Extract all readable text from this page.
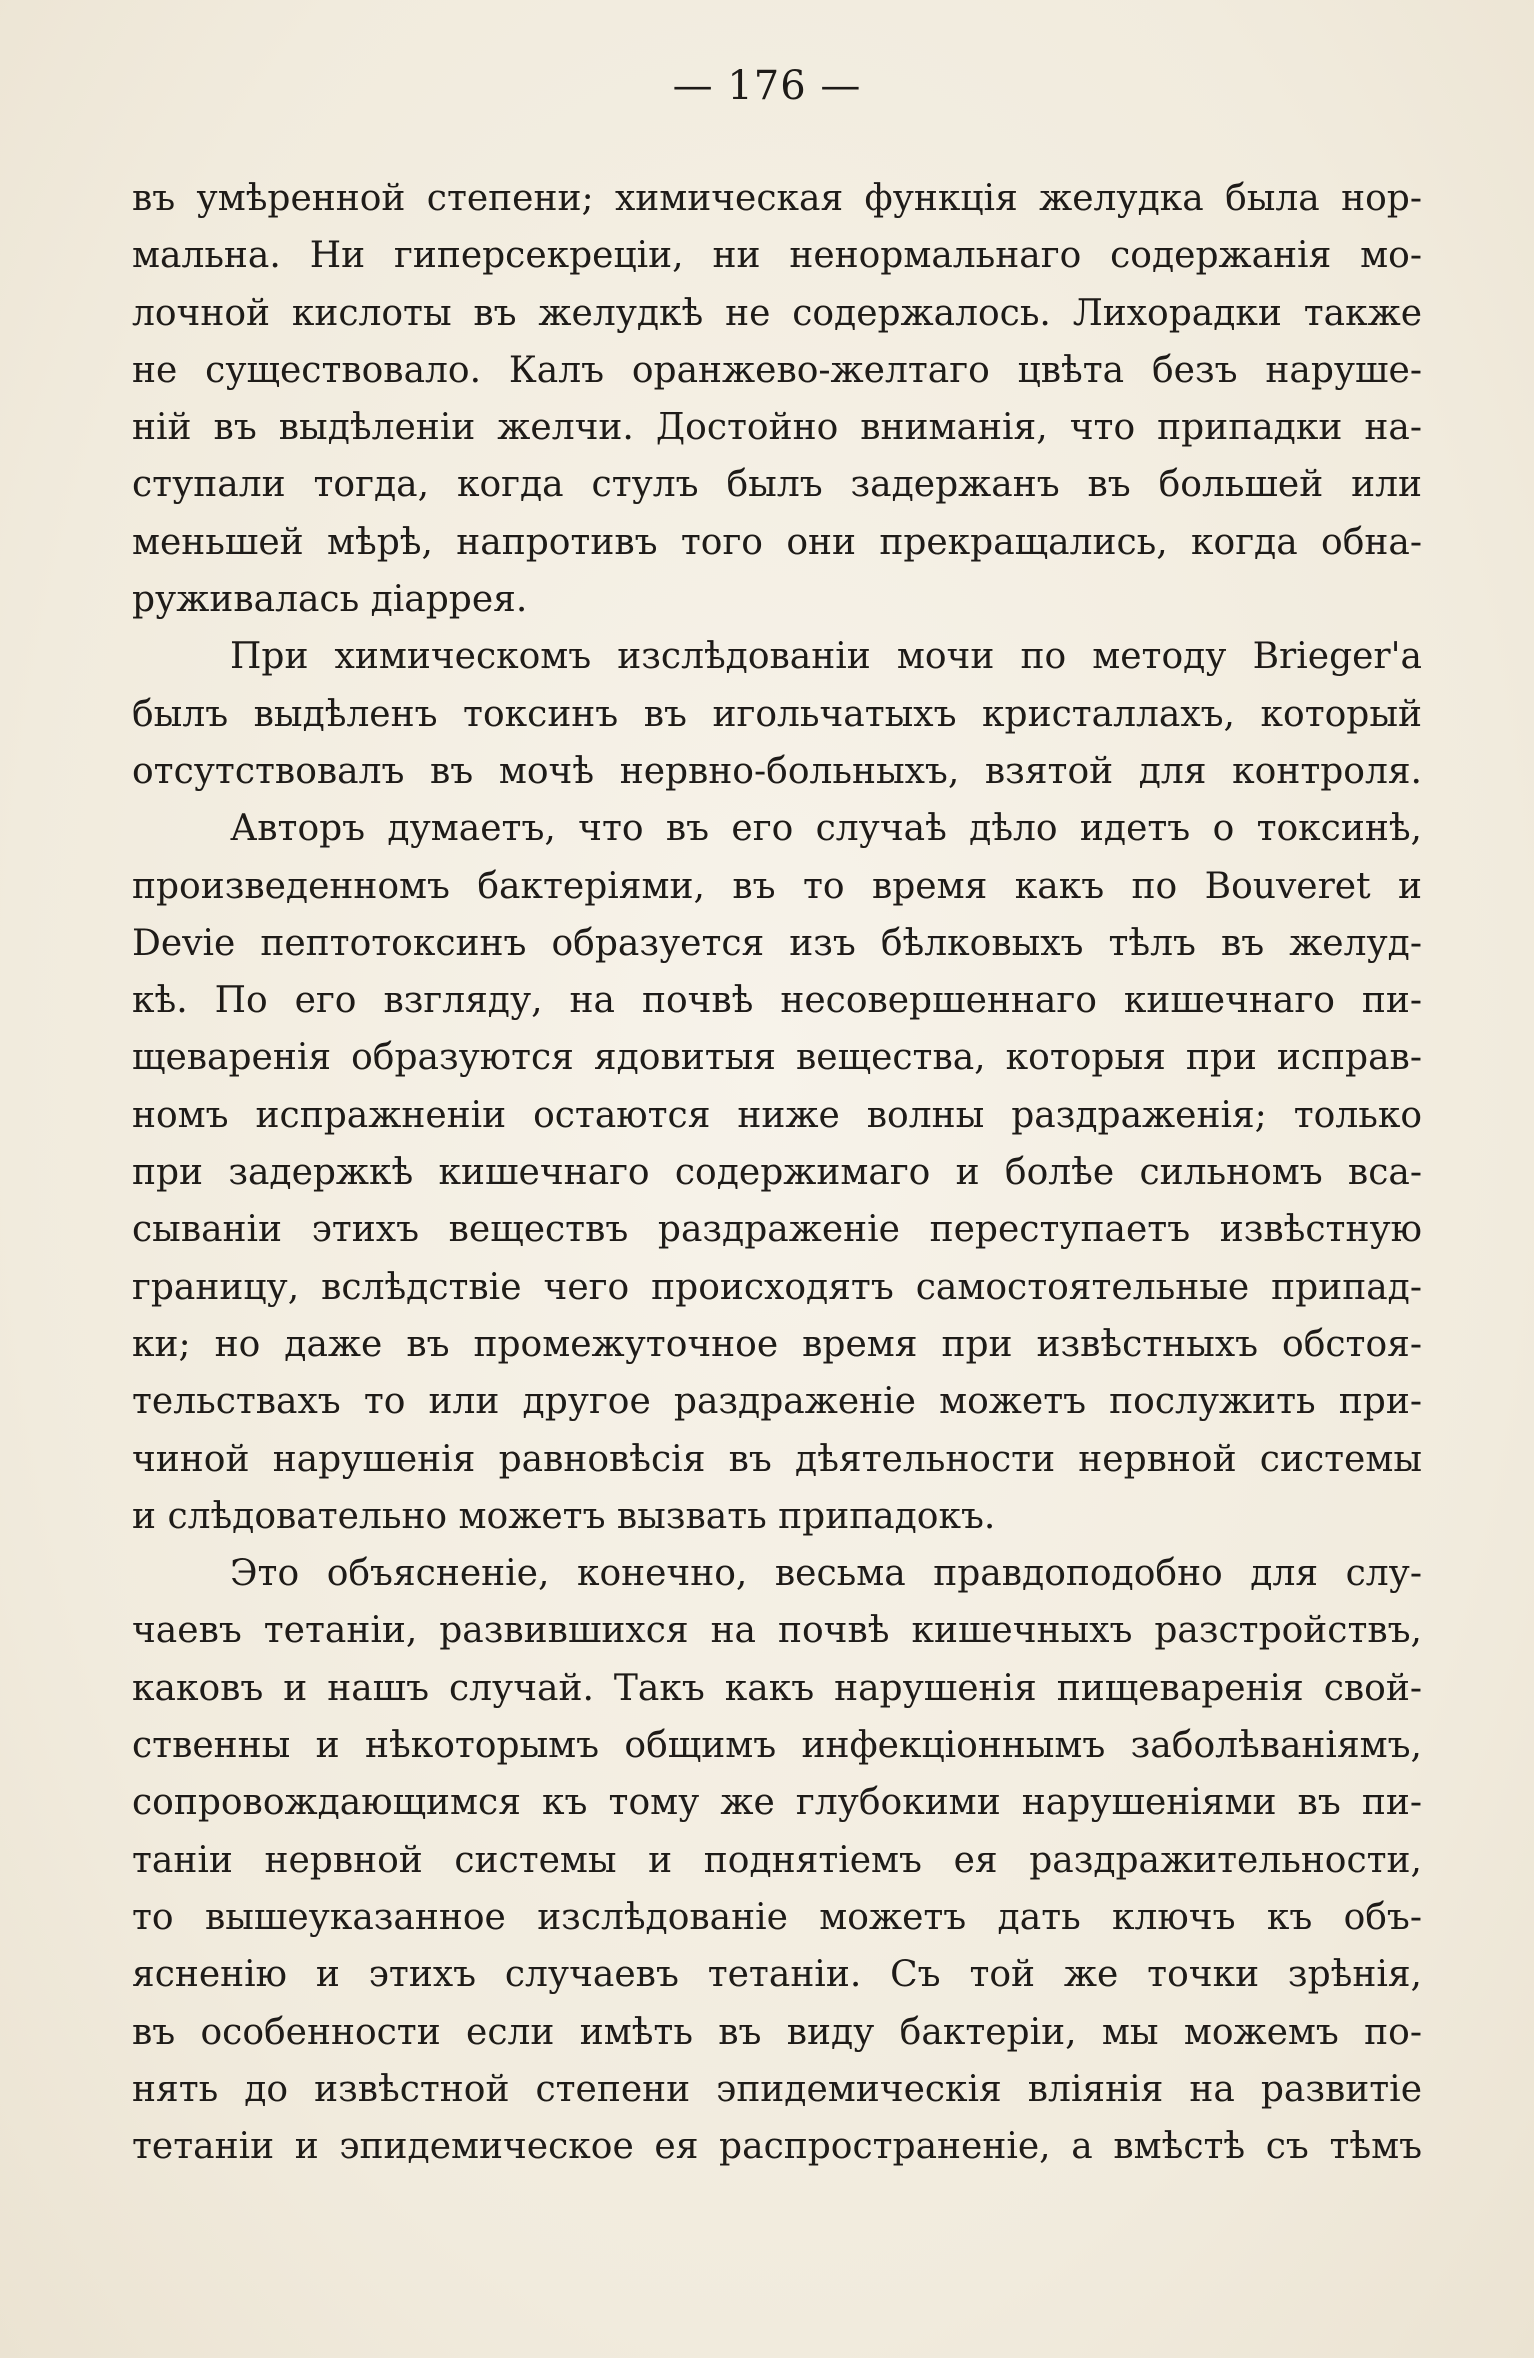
— 176 —
въ умѣренной степени; химическая функція желудка была нор-
мальна. Ни гиперсекреціи, ни ненормальнаго содержанія мо-
лочной кислоты въ желудкѣ не содержалось. Лихорадки также
не существовало. Калъ оранжево-желтаго цвѣта безъ наруше-
ній въ выдѣленіи желчи. Достойно вниманія, что припадки на-
ступали тогда, когда стулъ былъ задержанъ въ большей или
меньшей мѣрѣ, напротивъ того они прекращались, когда обна-
руживалась діаррея.
При химическомъ изслѣдованіи мочи по методу Brieger'а
былъ выдѣленъ токсинъ въ игольчатыхъ кристаллахъ, который
отсутствовалъ въ мочѣ нервно-больныхъ, взятой для контроля.
Авторъ думаетъ, что въ его случаѣ дѣло идетъ о токсинѣ,
произведенномъ бактеріями, въ то время какъ по Bouveret и
Devie пептотоксинъ образуется изъ бѣлковыхъ тѣлъ въ желуд-
кѣ. По его взгляду, на почвѣ несовершеннаго кишечнаго пи-
щеваренія образуются ядовитыя вещества, которыя при исправ-
номъ испражненіи остаются ниже волны раздраженія; только
при задержкѣ кишечнаго содержимаго и болѣе сильномъ вса-
сываніи этихъ веществъ раздраженіе переступаетъ извѣстную
границу, вслѣдствіе чего происходятъ самостоятельные припад-
ки; но даже въ промежуточное время при извѣстныхъ обстоя-
тельствахъ то или другое раздраженіе можетъ послужить при-
чиной нарушенія равновѣсія въ дѣятельности нервной системы
и слѣдовательно можетъ вызвать припадокъ.
Это объясненіе, конечно, весьма правдоподобно для слу-
чаевъ тетаніи, развившихся на почвѣ кишечныхъ разстройствъ,
каковъ и нашъ случай. Такъ какъ нарушенія пищеваренія свой-
ственны и нѣкоторымъ общимъ инфекціоннымъ заболѣваніямъ,
сопровождающимся къ тому же глубокими нарушеніями въ пи-
таніи нервной системы и поднятіемъ ея раздражительности,
то вышеуказанное изслѣдованіе можетъ дать ключъ къ объ-
ясненію и этихъ случаевъ тетаніи. Съ той же точки зрѣнія,
въ особенности если имѣть въ виду бактеріи, мы можемъ по-
нять до извѣстной степени эпидемическія вліянія на развитіе
тетаніи и эпидемическое ея распространеніе, а вмѣстѣ съ тѣмъ
